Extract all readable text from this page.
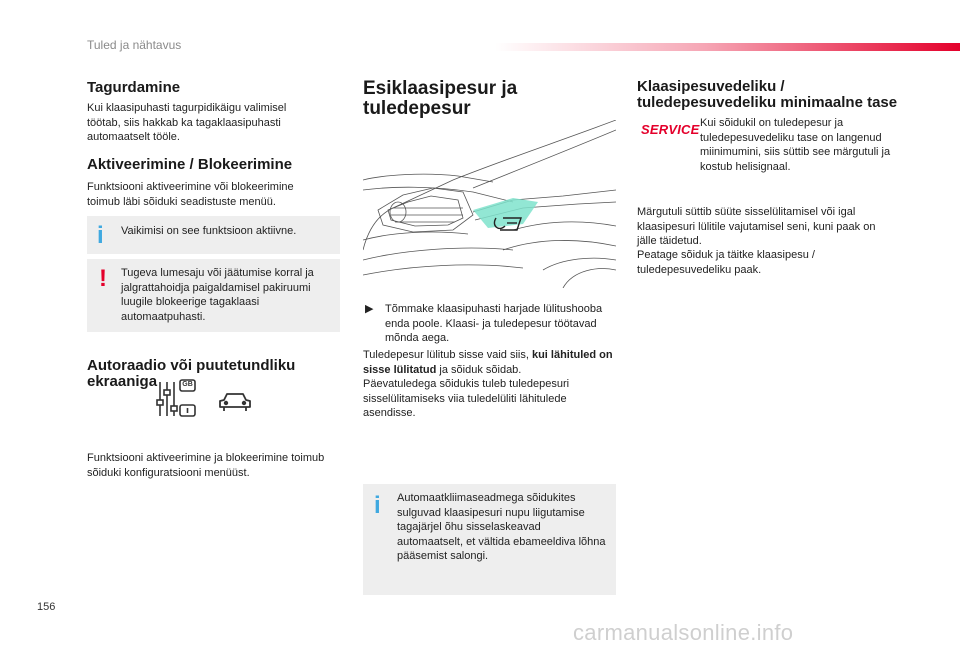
Tuled ja nähtavus
Tagurdamine

Kui klaasipuhasti tagurpidikäigu valimisel töötab, siis hakkab ka tagaklaasipuhasti automaatselt tööle.

Aktiveerimine / Blokeerimine

Funktsiooni aktiveerimine või blokeerimine toimub läbi sõiduki seadistuste menüü.

i Vaikimisi on see funktsioon aktiivne.

! Tugeva lumesaju või jäätumise korral ja jalgrattahoidja paigaldamisel pakiruumi luugile blokeerige tagaklaasi automaatpuhasti.

Autoraadio või puutetundliku ekraaniga	GB

Funktsiooni aktiveerimine ja blokeerimine toimub sõiduki konfiguratsiooni menüüst.

Esiklaasipesur ja tuledepesur
▶ Tõmmake klaasipuhasti harjade lülitushooba enda poole. Klaasi- ja tuledepesur töötavad mõnda aega.

Tuledepesur lülitub sisse vaid siis, kui lähituled on sisse lülitatud ja sõiduk sõidab.

Päevatuledega sõidukis tuleb tuledepesuri sisselülitamiseks viia tuledelüliti lähitulede asendisse.

i Automaatkliimaseadmega sõidukites sulguvad klaasipesuri nupu liigutamise tagajärjel õhu sisselaskeavad automaatselt, et vältida ebameeldiva lõhna pääsemist salongi.

Klaasipesuvedeliku / tuledepesuvedeliku minimaalne tase
SERVICE Kui sõidukil on tuledepesur ja tuledepesuvedeliku tase on langenud miinimumini, siis süttib see märgutuli ja kostub helisignaal.

Märgutuli süttib süüte sisselülitamisel või igal klaasipesuri lülitile vajutamisel seni, kuni paak on jälle täidetud.

Peatage sõiduk ja täitke klaasipesu / tuledepesuvedeliku paak.

156
carmanualsonline.info
